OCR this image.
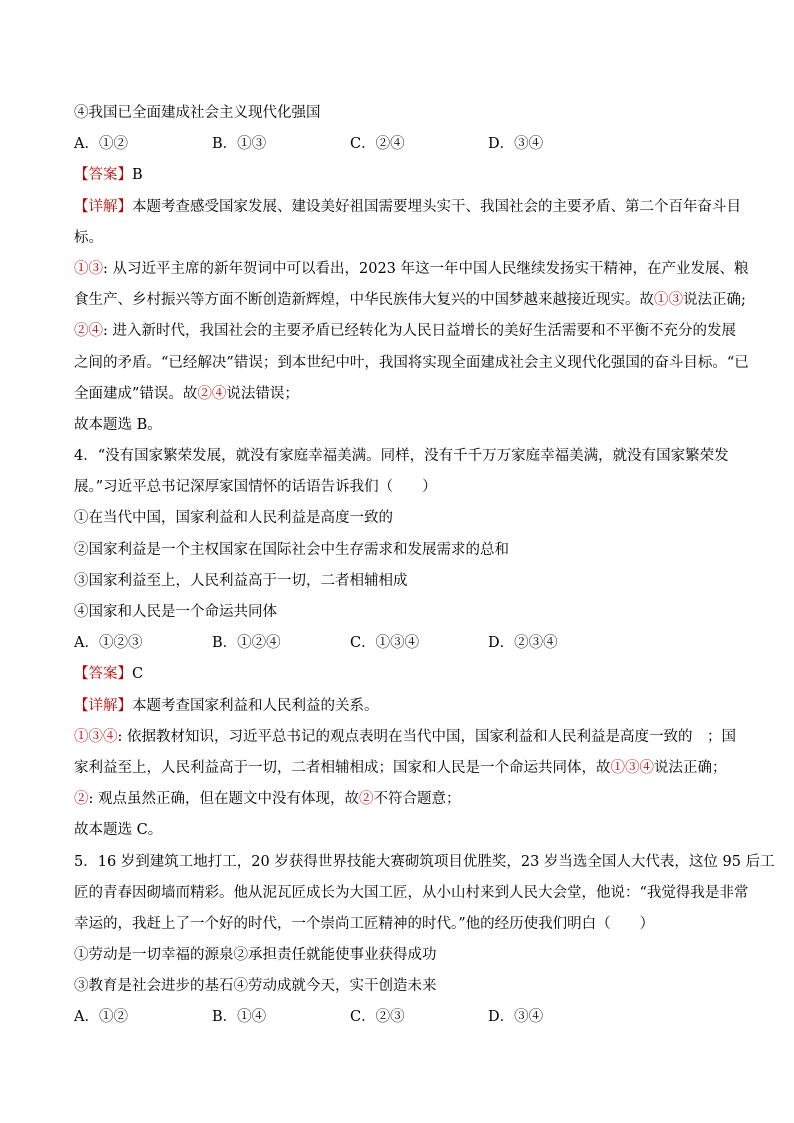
④我国已全面建成社会主义现代化强国
A．①②	B．①③	C．②④	D．③④
【答案】B
【详解】本题考查感受国家发展、建设美好祖国需要埋头实干、我国社会的主要矛盾、第二个百年奋斗目
标。
①③: 从习近平主席的新年贺词中可以看出，2023 年这一年中国人民继续发扬实干精神，在产业发展、粮
食生产、乡村振兴等方面不断创造新辉煌，中华民族伟大复兴的中国梦越来越接近现实。故①③说法正确;
②④: 进入新时代，我国社会的主要矛盾已经转化为人民日益增长的美好生活需要和不平衡不充分的发展
之间的矛盾。“已经解决”错误；到本世纪中叶，我国将实现全面建成社会主义现代化强国的奋斗目标。“已
全面建成”错误。故②④说法错误；
故本题选 B。
4．“没有国家繁荣发展，就没有家庭幸福美满。同样，没有千千万万家庭幸福美满，就没有国家繁荣发
展。”习近平总书记深厚家国情怀的话语告诉我们（　　）
①在当代中国，国家利益和人民利益是高度一致的
②国家利益是一个主权国家在国际社会中生存需求和发展需求的总和
③国家利益至上，人民利益高于一切，二者相辅相成
④国家和人民是一个命运共同体
A．①②③	B．①②④	C．①③④	D．②③④
【答案】C
【详解】本题考查国家利益和人民利益的关系。
①③④: 依据教材知识，习近平总书记的观点表明在当代中国，国家利益和人民利益是高度一致的　；国
家利益至上，人民利益高于一切，二者相辅相成；国家和人民是一个命运共同体，故①③④说法正确；
②: 观点虽然正确，但在题文中没有体现，故②不符合题意；
故本题选 C。
5．16 岁到建筑工地打工，20 岁获得世界技能大赛砌筑项目优胜奖，23 岁当选全国人大代表，这位 95 后工
匠的青春因砌墙而精彩。他从泥瓦匠成长为大国工匠，从小山村来到人民大会堂，他说：“我觉得我是非常
幸运的，我赶上了一个好的时代，一个崇尚工匠精神的时代。”他的经历使我们明白（　　）
①劳动是一切幸福的源泉②承担责任就能使事业获得成功
③教育是社会进步的基石④劳动成就今天，实干创造未来
A．①②	B．①④	C．②③	D．③④
